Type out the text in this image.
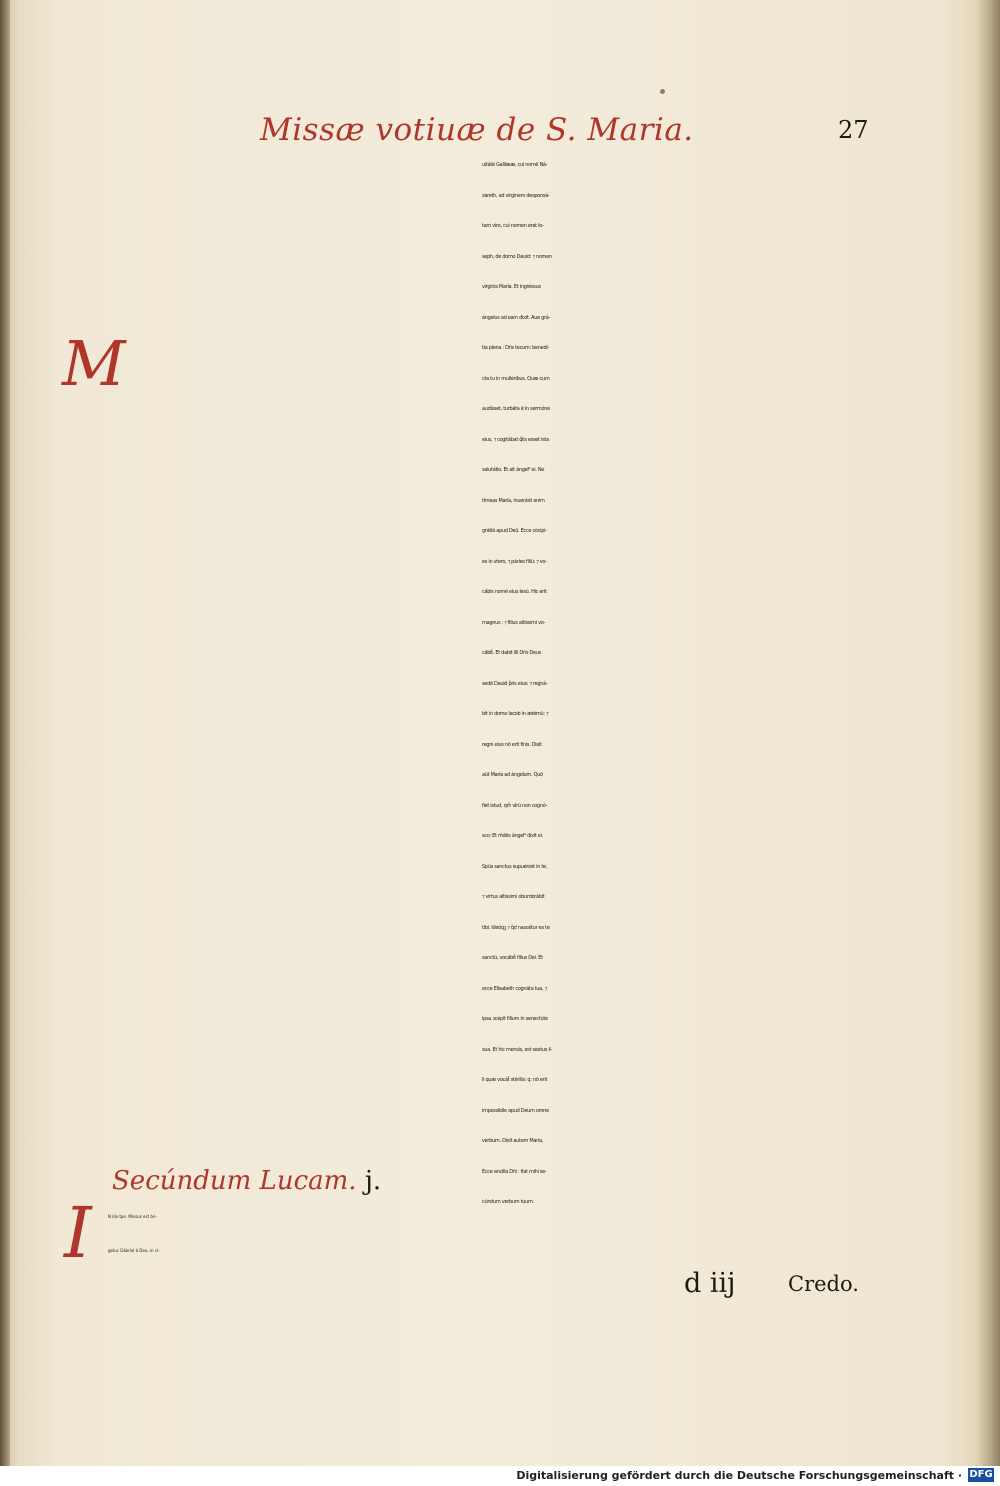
Missæ votiuæ de S. Maria.	27
M
Secúndum Lucam. j.
I	N illo tpe. Missus est án-
gelus Gábriel à Deo, in ci-
uitátẽ Galilææ, cui nomẽ Ná-
zareth, ad virginem desponsá-
tam viro, cui nomen erat Io-
seph, de domo Dauid: ⁊ nomen
virginis María. Et ingréssus
ángelus ad eam dixit. Aue grá-
tia plena : Dñs tecum: benedi-
cta tu in muliéribus. Quæ cum
audísset, turbáta ẽ in sermóne
eius, ⁊ cogitábat q̃lis esset ista
salutátio. Et ait ángel⁹ ei. Ne
tímeas María, inuenisti enim
grátiã apud Deũ. Ecce cócipi-
es in vtero, ⁊ páries filiũ: ⁊ vo-
cábis nomẽ eius Iesũ. Hic erit
magnus : ⁊ filius altissimi vo-
cábit̃. Et dabit illi Dñs Deus
sedẽ Dauid p̃ris eius: ⁊ regná-
bit in domo Iacob in ætérnũ: ⁊
regni eius nõ erit finis. Dixit
aũt María ad ángelum. Quõ
fiet istud, qm̃ virũ non cognó-
sco: Et rñdẽs ángel⁹ dixit ei.
Spũs sanctus supuéniet in te,
⁊ virtus altissimi obumbrábit
tibi. Ideóqꝫ ⁊ q̃d nascétur ex te
sanctũ, vocábit̃ filius Dei. Et
ecce Elísabeth cognáta tua, ⁊
ipsa ɔcépit filium in senectúte
sua. Et hic mensis, est sextus il-
li quæ vocát̃ stérilis: q: nõ erit
impossibile apud Deum omne
verbum. Dixit autem María,
Ecce ancilla Dñi : fiat mihi se-
cúndum verbum tuum.
d iij Credo.
Digitalisierung gefördert durch die Deutsche Forschungsgemeinschaft · DFG
